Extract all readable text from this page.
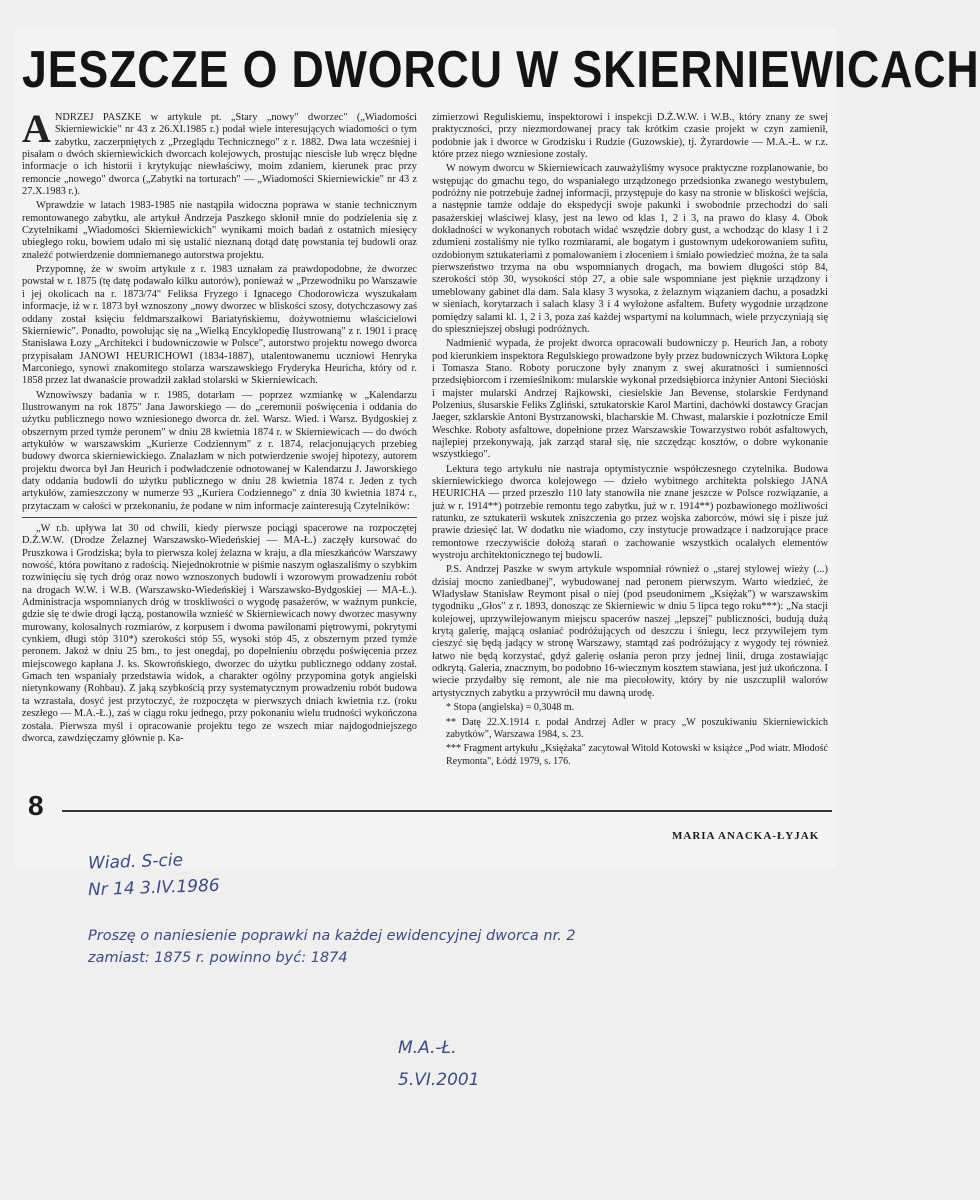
JESZCZE O DWORCU W SKIERNIEWICACH

ANDRZEJ PASZKE w artykule pt. „Stary „nowy" dworzec" („Wiadomości Skierniewickie" nr 43 z 26.XI.1985 r.) podał wiele interesujących wiadomości o tym zabytku, zaczerpniętych z „Przeglądu Technicznego" z r. 1882. Dwa lata wcześniej i pisałam o dwóch skierniewickich dworcach kolejowych, prostując niescisłe lub wręcz błędne informacje o ich historii i krytykując niewłaściwy, moim zdaniem, kierunek prac przy remoncie „nowego" dworca („Zabytki na torturach" — „Wiadomości Skierniewickie" nr 43 z 27.X.1983 r.).

Wprawdzie w latach 1983-1985 nie nastąpiła widoczna poprawa w stanie technicznym remontowanego zabytku, ale artykuł Andrzeja Paszkego skłonił mnie do podzielenia się z Czytelnikami „Wiadomości Skierniewickich" wynikami moich badań z ostatnich miesięcy ubiegłego roku, bowiem udało mi się ustalić nieznaną dotąd datę powstania tej budowli oraz znaleźć potwierdzenie domniemanego autorstwa projektu.

Przypomnę, że w swoim artykule z r. 1983 uznałam za prawdopodobne, że dworzec powstał w r. 1875 (tę datę podawało kilku autorów), ponieważ w „Przewodniku po Warszawie i jej okolicach na r. 1873/74" Feliksa Fryzego i Ignacego Chodorowicza wyszukałam informacje, iż w r. 1873 był wznoszony „nowy dworzec w bliskości szosy, dotychczasowy zaś oddany został księciu feldmarszałkowi Bariatyńskiemu, dożywotniemu właścicielowi Skierniewic". Ponadto, powołując się na „Wielką Encyklopedię Ilustrowaną" z r. 1901 i pracę Stanisława Łozy „Architekci i budowniczowie w Polsce", autorstwo projektu nowego dworca przypisałam JANOWI HEURICHOWI (1834-1887), utalentowanemu uczniowi Henryka Marconiego, synowi znakomitego stolarza warszawskiego Fryderyka Heuricha, który od r. 1858 przez lat dwanaście prowadził zakład stolarski w Skierniewicach.

Wznowiwszy badania w r. 1985, dotarłam — poprzez wzmiankę w „Kalendarzu Ilustrowanym na rok 1875" Jana Jaworskiego — do „ceremonii poświęcenia i oddania do użytku publicznego nowo wzniesionego dworca dr. żel. Warsz. Wied. i Warsz. Bydgoskiej z obszernym przed tymże peronem" w dniu 28 kwietnia 1874 r. w Skierniewicach — do dwóch artykułów w warszawskim „Kurierze Codziennym" z r. 1874, relacjonujących przebieg budowy dworca skierniewickiego. Znalazłam w nich potwierdzenie swojej hipotezy, autorem projektu dworca był Jan Heurich i podwładczenie odnotowanej w Kalendarzu J. Jaworskiego daty oddania budowli do użytku publicznego w dniu 28 kwietnia 1874 r. Jeden z tych artykułów, zamieszczony w numerze 93 „Kuriera Codziennego" z dnia 30 kwietnia 1874 r., przytaczam w całości w przekonaniu, że podane w nim informacje zainteresują Czytelników:

„W r.b. upływa lat 30 od chwili, kiedy pierwsze pociągi spacerowe na rozpoczętej D.Ż.W.W. (Drodze Żelaznej Warszawsko-Wiedeńskiej — MA-Ł.) zaczęły kursować do Pruszkowa i Grodziska; była to pierwsza kolej żelazna w kraju, a dla mieszkańców Warszawy nowość, która powitano z radością. Niejednokrotnie w piśmie naszym ogłaszaliśmy o szybkim rozwinięciu się tych dróg oraz nowo wznoszonych budowli i wzorowym prowadzeniu robót na drogach W.W. i W.B. (Warszawsko-Wiedeńskiej i Warszawsko-Bydgoskiej — MA-Ł.). Administracja wspomnianych dróg w troskliwości o wygodę pasażerów, w ważnym punkcie, gdzie się te dwie drogi łączą, postanowiła wznieść w Skierniewicach nowy dworzec masywny murowany, kolosalnych rozmiarów, z korpusem i dwoma pawilonami piętrowymi, pokrytymi cynkiem, długi stóp 310*) szerokości stóp 55, wysoki stóp 45, z obszernym przed tymże peronem. Jakoż w dniu 25 bm., to jest onegdaj, po dopełnieniu obrzędu poświęcenia przez miejscowego kapłana J. ks. Skowrońskiego, dworzec do użytku publicznego oddany został. Gmach ten wspaniały przedstawia widok, a charakter ogólny przypomina gotyk angielski nietynkowany (Rohbau). Z jaką szybkością przy systematycznym prowadzeniu robót budowa ta wzrastała, dosyć jest przytoczyć, że rozpoczęta w pierwszych dniach kwietnia r.z. (roku zeszłego — M.A.-Ł.), zaś w ciągu roku jednego, przy pokonaniu wielu trudności wykończona została. Pierwsza myśl i opracowanie projektu tego ze wszech miar najdogodniejszego dworca, zawdzięczamy głównie p. Ka-

zimierzowi Reguliskiemu, inspektorowi i inspekcji D.Ż.W.W. i W.B., który znany ze swej praktyczności, przy niezmordowanej pracy tak krótkim czasie projekt w czyn zamienił, podobnie jak i dworce w Grodzisku i Rudzie (Guzowskie), tj. Żyrardowie — M.A.-Ł. w r.z. które przez niego wzniesione zostały.

W nowym dworcu w Skierniewicach zauważyliśmy wysoce praktyczne rozplanowanie, bo wstępując do gmachu tego, do wspaniałego urządzonego przedsionka zwanego westybulem, podróżny nie potrzebuje żadnej informacji, przystępuje do kasy na stronie w bliskości wejścia, a następnie tamże oddaje do ekspedycji swoje pakunki i swobodnie przechodzi do sali pasażerskiej właściwej klasy, jest na lewo od klas 1, 2 i 3, na prawo do klasy 4. Obok dokładności w wykonanych robotach widać wszędzie dobry gust, a wchodząc do klasy 1 i 2 zdumieni zostaliśmy nie tylko rozmiarami, ale bogatym i gustownym udekorowaniem sufitu, ozdobionym sztukateriami z pomalowaniem i złoceniem i śmiało powiedzieć można, że ta sala pierwszeństwo trzyma na obu wspomnianych drogach, ma bowiem długości stóp 84, szerokości stóp 30, wysokości stóp 27, a obie sale wspomniane jest pięknie urządzony i umeblowany gabinet dla dam. Sala klasy 3 wysoka, z żelaznym wiązaniem dachu, a posadzki w sieniach, korytarzach i salach klasy 3 i 4 wyłożone asfaltem. Bufety wygodnie urządzone pomiędzy salami kl. 1, 2 i 3, poza zaś każdej wspartymi na kolumnach, wiele przyczyniają się do spieszniejszej obsługi podróżnych.

Nadmienić wypada, że projekt dworca opracowali budowniczy p. Heurich Jan, a roboty pod kierunkiem inspektora Regulskiego prowadzone były przez budowniczych Wiktora Łopkę i Tomasza Stano. Roboty poruczone były znanym z swej akuratności i sumienności przedsiębiorcom i rzemieślnikom: mularskie wykonał przedsiębiorca inżynier Antoni Siecióski i majster mularski Andrzej Rajkowski, ciesielskie Jan Bevense, stolarskie Ferdynand Polzenius, ślusarskie Feliks Zgliński, sztukatorskie Karol Martini, dachówki dostawcy Gracjan Jaeger, szklarskie Antoni Bystrzanowski, blacharskie M. Chwast, malarskie i pozłotnicze Emil Weschke. Roboty asfaltowe, dopełnione przez Warszawskie Towarzystwo robót asfaltowych, najlepiej przekonywają, jak zarząd starał się, nie szczędząc kosztów, o dobre wykonanie wszystkiego".

Lektura tego artykułu nie nastraja optymistycznie współczesnego czytelnika. Budowa skierniewickiego dworca kolejowego — dzieło wybitnego architekta polskiego JANA HEURICHA — przed przeszło 110 laty stanowiła nie znane jeszcze w Polsce rozwiązanie, a już w r. 1914**) potrzebie remontu tego zabytku, już w r. 1914**) pozbawionego możliwości ratunku, ze sztukaterii wskutek zniszczenia go przez wojska zaborców, mówi się i pisze już prawie dziesięć lat. W dodatku nie wiadomo, czy instytucje prowadzące i nadzorujące prace remontowe rzeczywiście dołożą starań o zachowanie wszystkich ocalałych elementów wystroju architektonicznego tej budowli.

P.S. Andrzej Paszke w swym artykule wspomniał również o „starej stylowej wieży (...) dzisiaj mocno zaniedbanej", wybudowanej nad peronem pierwszym. Warto wiedzieć, że Władysław Stanisław Reymont pisał o niej (pod pseudonimem „Księżak") w warszawskim tygodniku „Głos" z r. 1893, donosząc ze Skierniewic w dniu 5 lipca tego roku***): „Na stacji kolejowej, uprzywilejowanym miejscu spacerów naszej „lepszej" publiczności, budują dużą krytą galerię, mającą osłaniać podróżujących od deszczu i śniegu, lecz przywilejem tym cieszyć się będą jadący w stronę Warszawy, stamtąd zaś podróżujący z wygody tej również łatwo nie będą korzystać, gdyż galerię osłania peron przy jednej linii, druga zostawiając odkrytą. Galeria, znacznym, bo podobno 16-wiecznym kosztem stawiana, jest już ukończona. I wiecie przydałby się remont, ale nie ma piecołowity, który by nie uszczuplił walorów artystycznych zabytku a przywrócił mu dawną urodę.

* Stopa (angielska) = 0,3048 m.

** Datę 22.X.1914 r. podał Andrzej Adler w pracy „W poszukiwaniu Skierniewickich zabytków", Warszawa 1984, s. 23.

*** Fragment artykułu „Księżaka" zacytował Witold Kotowski w książce „Pod wiatr. Młodość Reymonta", Łódź 1979, s. 176.

MARIA ANACKA-ŁYJAK
8
Wiad. S-cie
Nr 14 3.IV.1986
Proszę o naniesienie poprawki na każdej ewidencyjnej dworca nr. 2
zamiast: 1875 r. powinno być: 1874
M.A.-Ł.
5.VI.2001
